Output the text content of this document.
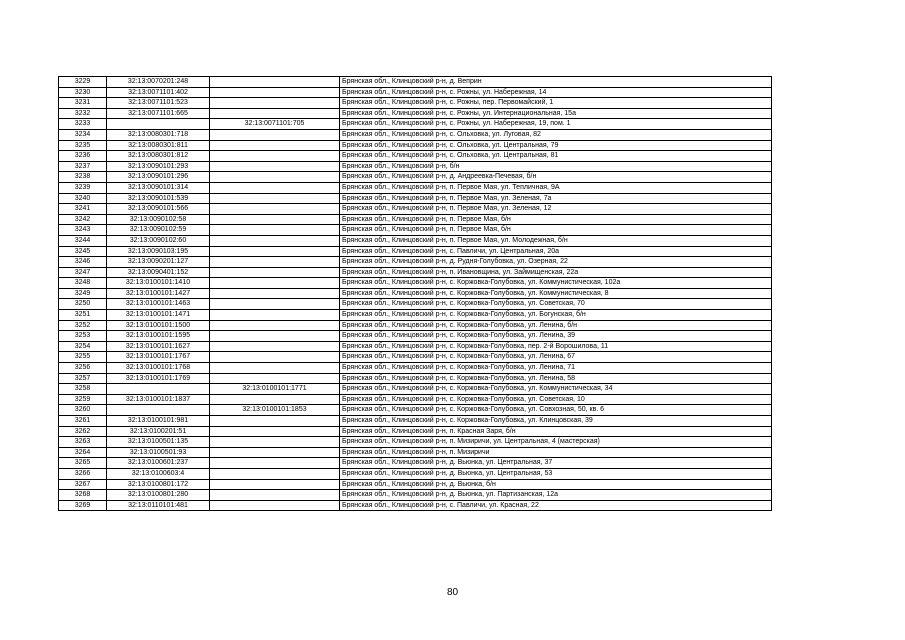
3229	32:13:0070201:248		Брянская обл., Клинцовский р-н, д. Веприн
3230	32:13:0071101:402		Брянская обл., Клинцовский р-н, с. Рожны, ул. Набережная, 14
3231	32:13:0071101:523		Брянская обл., Клинцовский р-н, с. Рожны, пер. Первомайский, 1
3232	32:13:0071101:665		Брянская обл., Клинцовский р-н, с. Рожны, ул. Интернациональная, 15а
3233		32:13:0071101:705	Брянская обл., Клинцовский р-н, с. Рожны, ул. Набережная, 19, пом. 1
3234	32:13:0080301:718		Брянская обл., Клинцовский р-н, с. Ольховка, ул. Луговая, 82
3235	32:13:0080301:811		Брянская обл., Клинцовский р-н, с. Ольховка, ул. Центральная, 79
3236	32:13:0080301:812		Брянская обл., Клинцовский р-н, с. Ольховка, ул. Центральная, 81
3237	32:13:0090101:293		Брянская обл., Клинцовский р-н, б/н
3238	32:13:0090101:296		Брянская обл., Клинцовский р-н, д. Андреевка-Печевая, б/н
3239	32:13:0090101:314		Брянская обл., Клинцовский р-н, п. Первое Мая, ул. Тепличная, 9А
3240	32:13:0090101:539		Брянская обл., Клинцовский р-н, п. Первое Мая, ул. Зеленая, 7а
3241	32:13:0090101:566		Брянская обл., Клинцовский р-н, п. Первое Мая, ул. Зеленая, 12
3242	32:13:0090102:58		Брянская обл., Клинцовский р-н, п. Первое Мая, б/н
3243	32:13:0090102:59		Брянская обл., Клинцовский р-н, п. Первое Мая, б/н
3244	32:13:0090102:60		Брянская обл., Клинцовский р-н, п. Первое Мая, ул. Молодежная, б/н
3245	32:13:0090103:195		Брянская обл., Клинцовский р-н, с. Павличи, ул. Центральная, 20а
3246	32:13:0090201:127		Брянская обл., Клинцовский р-н, д. Рудня-Голубовка, ул. Озерная, 22
3247	32:13:0090401:152		Брянская обл., Клинцовский р-н, п. Ивановщина, ул. Займищенская, 22а
3248	32:13:0100101:1410		Брянская обл., Клинцовский р-н, с. Коржовка-Голубовка, ул. Коммунистическая, 102а
3249	32:13:0100101:1427		Брянская обл., Клинцовский р-н, с. Коржовка-Голубовка, ул. Коммунистическая, 8
3250	32:13:0100101:1463		Брянская обл., Клинцовский р-н, с. Коржовка-Голубовка, ул. Советская, 70
3251	32:13:0100101:1471		Брянская обл., Клинцовский р-н, с. Коржовка-Голубовка, ул. Богунская, б/н
3252	32:13:0100101:1500		Брянская обл., Клинцовский р-н, с. Коржовка-Голубовка, ул. Ленина, б/н
3253	32:13:0100101:1595		Брянская обл., Клинцовский р-н, с. Коржовка-Голубовка, ул. Ленина, 39
3254	32:13:0100101:1627		Брянская обл., Клинцовский р-н, с. Коржовка-Голубовка, пер. 2-й Ворошилова, 11
3255	32:13:0100101:1767		Брянская обл., Клинцовский р-н, с. Коржовка-Голубовка, ул. Ленина, 67
3256	32:13:0100101:1768		Брянская обл., Клинцовский р-н, с. Коржовка-Голубовка, ул. Ленина, 71
3257	32:13:0100101:1769		Брянская обл., Клинцовский р-н, с. Коржовка-Голубовка, ул. Ленина, 58
3258		32:13:0100101:1771	Брянская обл., Клинцовский р-н, с. Коржовка-Голубовка, ул. Коммунистическая, 34
3259	32:13:0100101:1837		Брянская обл., Клинцовский р-н, с. Коржовка-Голубовка, ул. Советская, 10
3260		32:13:0100101:1853	Брянская обл., Клинцовский р-н, с. Коржовка-Голубовка, ул. Совхозная, 50, кв. 6
3261	32:13:0100101:981		Брянская обл., Клинцовский р-н, с. Коржовка-Голубовка, ул. Клинцовская, 39
3262	32:13:0100201:51		Брянская обл., Клинцовский р-н, п. Красная Заря, б/н
3263	32:13:0100501:135		Брянская обл., Клинцовский р-н, п. Мизиричи, ул. Центральная, 4 (мастерская)
3264	32:13:0100501:93		Брянская обл., Клинцовский р-н, п. Мизиричи
3265	32:13:0100601:237		Брянская обл., Клинцовский р-н, д. Вьюнка, ул. Центральная, 37
3266	32:13:0100603:4		Брянская обл., Клинцовский р-н, д. Вьюнка, ул. Центральная, 53
3267	32:13:0100801:172		Брянская обл., Клинцовский р-н, д. Вьюнка, б/н
3268	32:13:0100801:280		Брянская обл., Клинцовский р-н, д. Вьюнка, ул. Партизанская, 12а
3269	32:13:0110101:481		Брянская обл., Клинцовский р-н, с. Павличи, ул. Красная, 22
80
